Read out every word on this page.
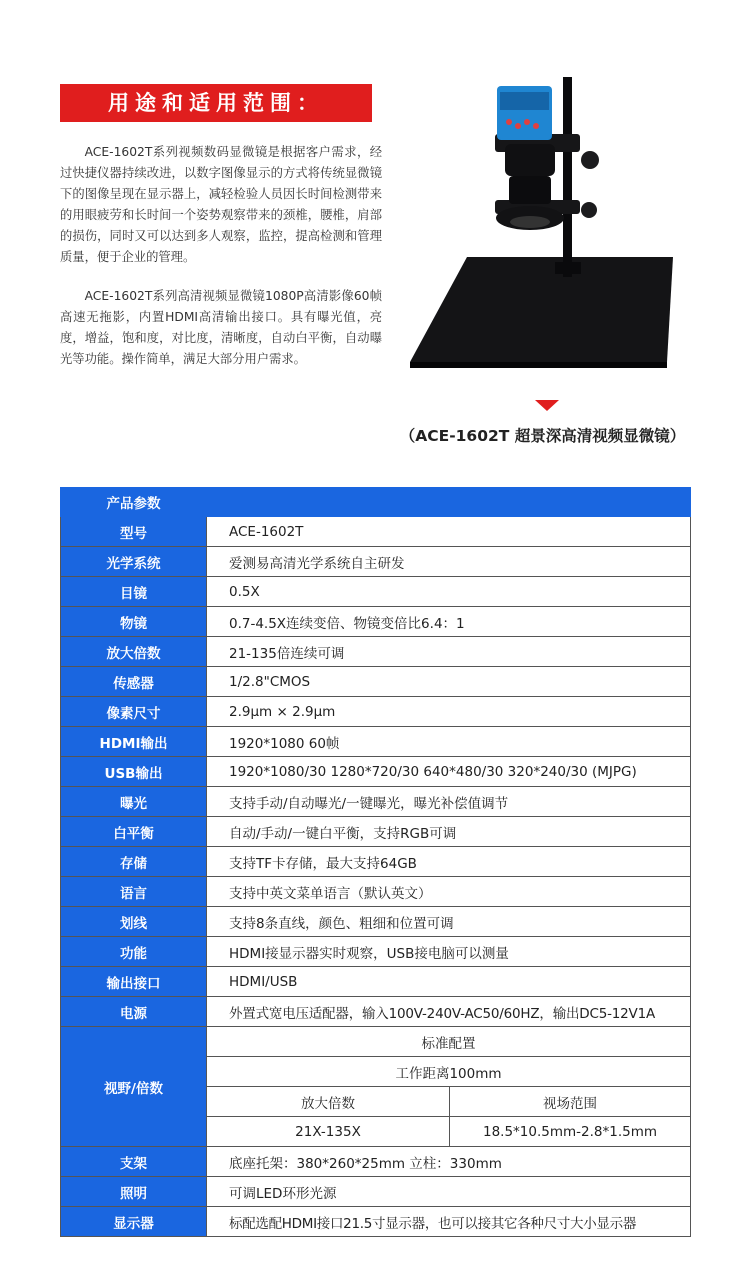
用途和适用范围：

ACE-1602T系列视频数码显微镜是根据客户需求，经过快捷仪器持续改进，以数字图像显示的方式将传统显微镜下的图像呈现在显示器上，减轻检验人员因长时间检测带来的用眼疲劳和长时间一个姿势观察带来的颈椎，腰椎，肩部的损伤，同时又可以达到多人观察，监控，提高检测和管理质量，便于企业的管理。

ACE-1602T系列高清视频显微镜1080P高清影像60帧高速无拖影，内置HDMI高清输出接口。具有曝光值，亮度，增益，饱和度，对比度，清晰度，自动白平衡，自动曝光等功能。操作简单，满足大部分用户需求。

（ACE-1602T 超景深高清视频显微镜）
产品参数		
型号	ACE-1602T	
光学系统	爱测易高清光学系统自主研发	
目镜	0.5X	
物镜	0.7-4.5X连续变倍、物镜变倍比6.4：1	
放大倍数	21-135倍连续可调	
传感器	1/2.8"CMOS	
像素尺寸	2.9μm × 2.9μm	
HDMI输出	1920*1080 60帧	
USB输出	1920*1080/30 1280*720/30 640*480/30 320*240/30 (MJPG)	
曝光	支持手动/自动曝光/一键曝光，曝光补偿值调节	
白平衡	自动/手动/一键白平衡，支持RGB可调	
存储	支持TF卡存储，最大支持64GB	
语言	支持中英文菜单语言（默认英文）	
划线	支持8条直线，颜色、粗细和位置可调	
功能	HDMI接显示器实时观察，USB接电脑可以测量	
输出接口	HDMI/USB	
电源	外置式宽电压适配器，输入100V-240V-AC50/60HZ，输出DC5-12V1A	
视野/倍数	标准配置	
	工作距离100mm	
	放大倍数	视场范围
	21X-135X	18.5*10.5mm-2.8*1.5mm
支架	底座托架：380*260*25mm 立柱：330mm	
照明	可调LED环形光源	
显示器	标配选配HDMI接口21.5寸显示器，也可以接其它各种尺寸大小显示器	
